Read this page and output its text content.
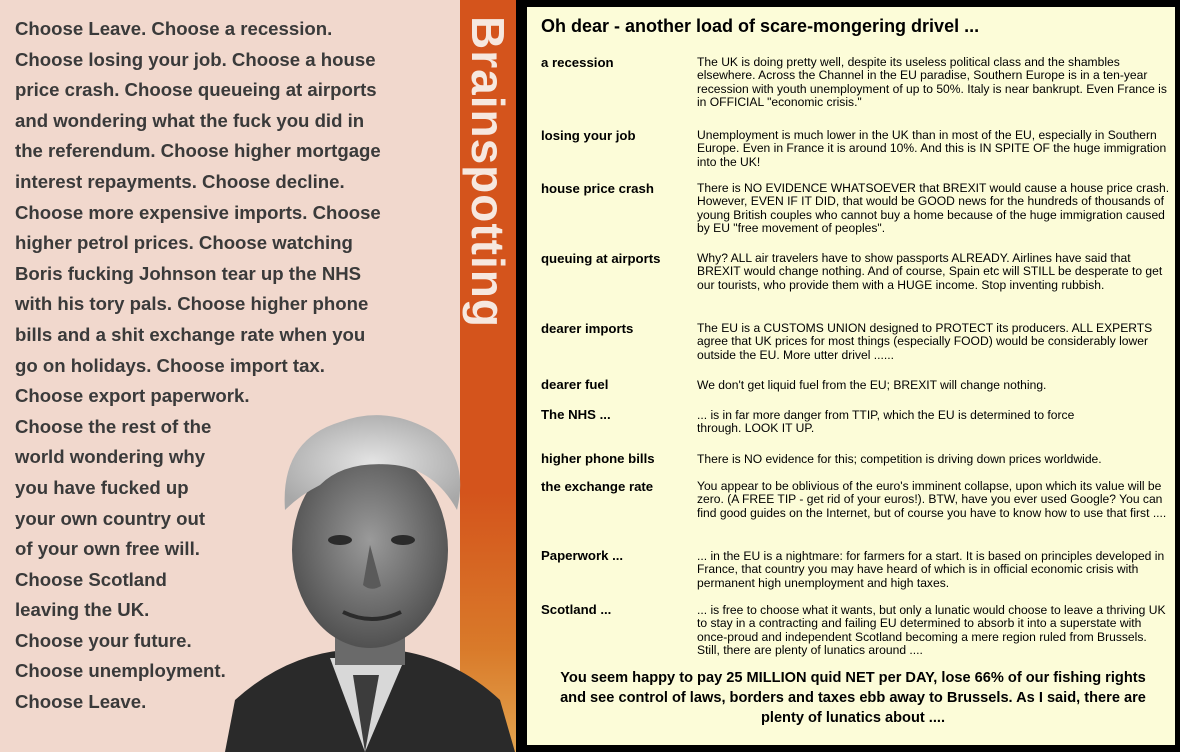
Choose Leave. Choose a recession.
Choose losing your job. Choose a house
price crash. Choose queueing at airports
and wondering what the fuck you did in
the referendum. Choose higher mortgage
interest repayments. Choose decline.
Choose more expensive imports. Choose
higher petrol prices. Choose watching
Boris fucking Johnson tear up the NHS
with his tory pals. Choose higher phone
bills and a shit exchange rate when you
go on holidays. Choose import tax.
Choose export paperwork.
Choose the rest of the
world wondering why
you have fucked up
your own country out
of your own free will.
Choose Scotland
leaving the UK.
Choose your future.
Choose unemployment.
Choose Leave.
Brainspotting Oh dear - another load of scare-mongering drivel ...
a recession	The UK is doing pretty well, despite its useless political class and the shambles elsewhere. Across the Channel in the EU paradise, Southern Europe is in a ten-year recession with youth unemployment of up to 50%. Italy is near bankrupt. Even France is in OFFICIAL "economic crisis."
losing your job	Unemployment is much lower in the UK than in most of the EU, especially in Southern Europe. Even in France it is around 10%. And this is IN SPITE OF the huge immigration into the UK!
house price crash	There is NO EVIDENCE WHATSOEVER that BREXIT would cause a house price crash. However, EVEN IF IT DID, that would be GOOD news for the hundreds of thousands of young British couples who cannot buy a home because of the huge immigration caused by EU "free movement of peoples".
queuing at airports	Why? ALL air travelers have to show passports ALREADY. Airlines have said that BREXIT would change nothing. And of course, Spain etc will STILL be desperate to get our tourists, who provide them with a HUGE income. Stop inventing rubbish.
dearer imports	The EU is a CUSTOMS UNION designed to PROTECT its producers. ALL EXPERTS agree that UK prices for most things (especially FOOD) would be considerably lower outside the EU. More utter drivel ......
dearer fuel	We don't get liquid fuel from the EU; BREXIT will change nothing.
The NHS ...	... is in far more danger from TTIP, which the EU is determined to force through. LOOK IT UP.
higher phone bills	There is NO evidence for this; competition is driving down prices worldwide.
the exchange rate	You appear to be oblivious of the euro's imminent collapse, upon which its value will be zero. (A FREE TIP - get rid of your euros!). BTW, have you ever used Google? You can find good guides on the Internet, but of course you have to know how to use that first ....
Paperwork ...	... in the EU is a nightmare: for farmers for a start. It is based on principles developed in France, that country you may have heard of which is in official economic crisis with permanent high unemployment and high taxes.
Scotland ...	... is free to choose what it wants, but only a lunatic would choose to leave a thriving UK to stay in a contracting and failing EU determined to absorb it into a superstate with once-proud and independent Scotland becoming a mere region ruled from Brussels. Still, there are plenty of lunatics around ....
You seem happy to pay 25 MILLION quid NET per DAY, lose 66% of our fishing rights and see control of laws, borders and taxes ebb away to Brussels. As I said, there are plenty of lunatics about ....
